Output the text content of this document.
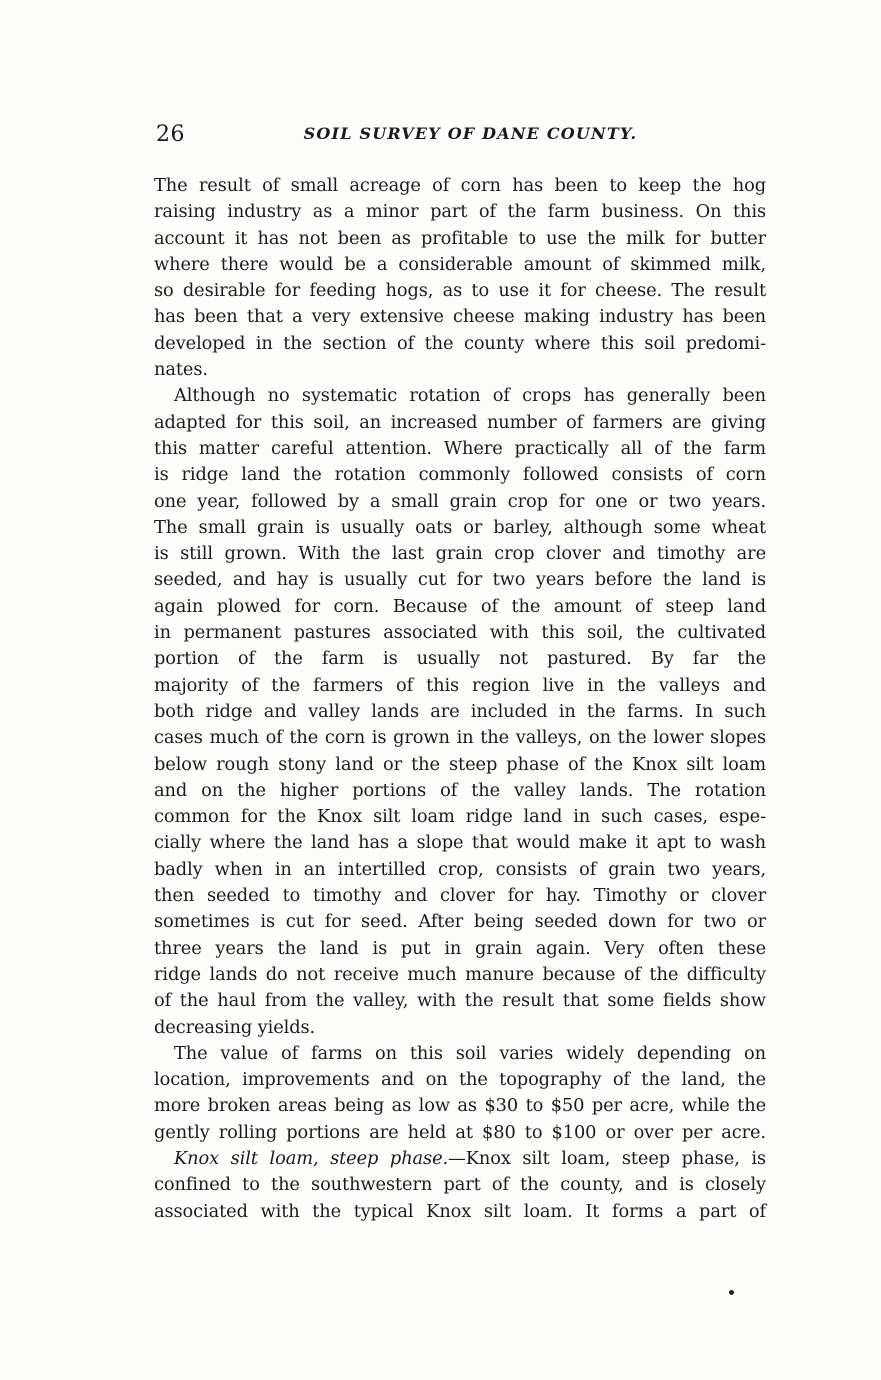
26	SOIL SURVEY OF DANE COUNTY.
The result of small acreage of corn has been to keep the hog
raising industry as a minor part of the farm business. On this
account it has not been as profitable to use the milk for butter
where there would be a considerable amount of skimmed milk,
so desirable for feeding hogs, as to use it for cheese. The result
has been that a very extensive cheese making industry has been
developed in the section of the county where this soil predomi-
nates.
Although no systematic rotation of crops has generally been
adapted for this soil, an increased number of farmers are giving
this matter careful attention. Where practically all of the farm
is ridge land the rotation commonly followed consists of corn
one year, followed by a small grain crop for one or two years.
The small grain is usually oats or barley, although some wheat
is still grown. With the last grain crop clover and timothy are
seeded, and hay is usually cut for two years before the land is
again plowed for corn. Because of the amount of steep land
in permanent pastures associated with this soil, the cultivated
portion of the farm is usually not pastured. By far the
majority of the farmers of this region live in the valleys and
both ridge and valley lands are included in the farms. In such
cases much of the corn is grown in the valleys, on the lower slopes
below rough stony land or the steep phase of the Knox silt loam
and on the higher portions of the valley lands. The rotation
common for the Knox silt loam ridge land in such cases, espe-
cially where the land has a slope that would make it apt to wash
badly when in an intertilled crop, consists of grain two years,
then seeded to timothy and clover for hay. Timothy or clover
sometimes is cut for seed. After being seeded down for two or
three years the land is put in grain again. Very often these
ridge lands do not receive much manure because of the difficulty
of the haul from the valley, with the result that some fields show
decreasing yields.
The value of farms on this soil varies widely depending on
location, improvements and on the topography of the land, the
more broken areas being as low as $30 to $50 per acre, while the
gently rolling portions are held at $80 to $100 or over per acre.
Knox silt loam, steep phase.—Knox silt loam, steep phase, is
confined to the southwestern part of the county, and is closely
associated with the typical Knox silt loam. It forms a part of
